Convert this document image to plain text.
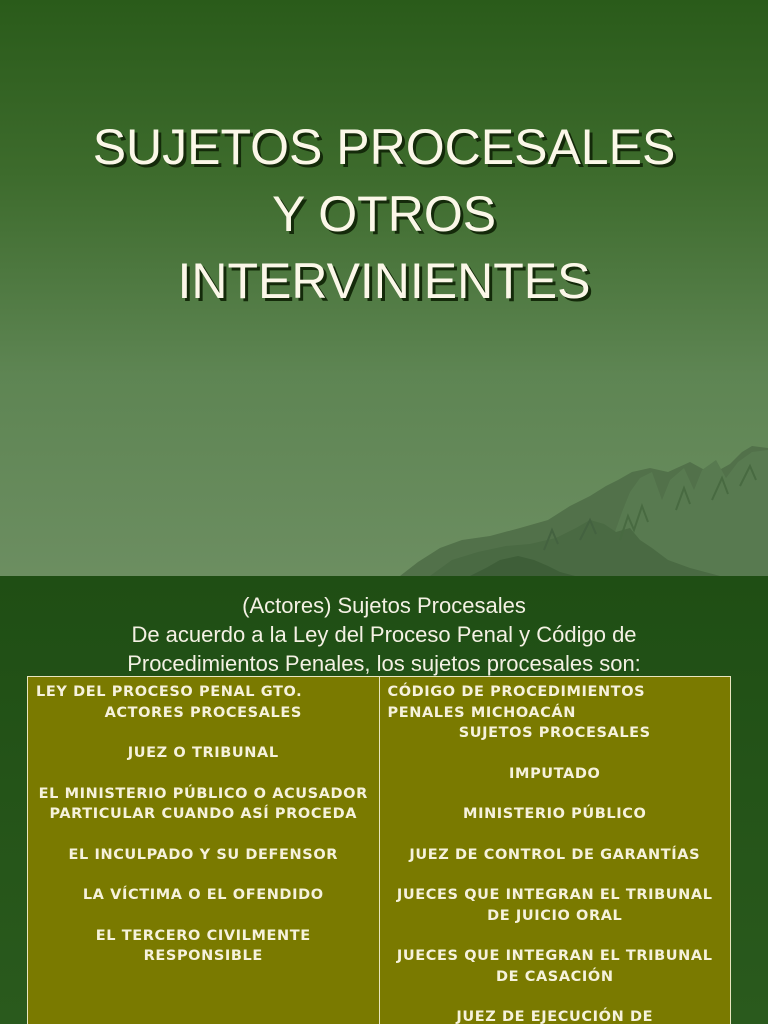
SUJETOS PROCESALES
Y OTROS
INTERVINIENTES
(Actores) Sujetos Procesales
De acuerdo a la Ley del Proceso Penal y Código de
Procedimientos Penales, los sujetos procesales son:
LEY DEL PROCESO PENAL GTO.
ACTORES PROCESALES
JUEZ O TRIBUNAL
EL MINISTERIO PÚBLICO O ACUSADOR PARTICULAR CUANDO ASÍ PROCEDA
EL INCULPADO Y SU DEFENSOR
LA VÍCTIMA O EL OFENDIDO
EL TERCERO CIVILMENTE RESPONSIBLE

CÓDIGO DE PROCEDIMIENTOS PENALES MICHOACÁN
SUJETOS PROCESALES
IMPUTADO
MINISTERIO PÚBLICO
JUEZ DE CONTROL DE GARANTÍAS
JUECES QUE INTEGRAN EL TRIBUNAL DE JUICIO ORAL
JUECES QUE INTEGRAN EL TRIBUNAL DE CASACIÓN
JUEZ DE EJECUCIÓN DE
